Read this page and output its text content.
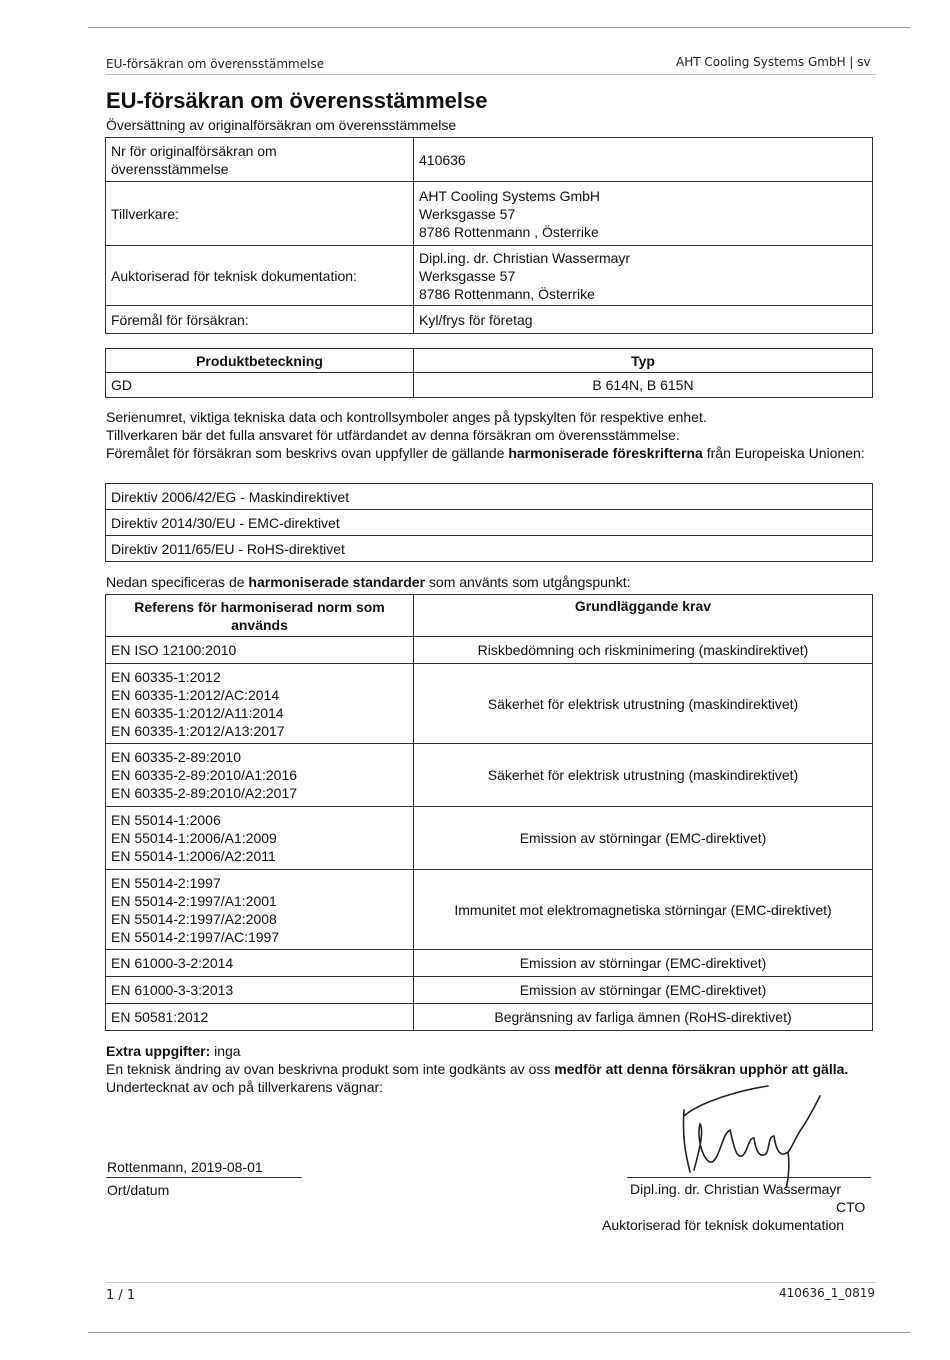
EU-försäkran om överensstämmelse	AHT Cooling Systems GmbH | sv
EU-försäkran om överensstämmelse
Översättning av originalförsäkran om överensstämmelse
Nr för originalförsäkran om
överensstämmelse	410636
Tillverkare:	AHT Cooling Systems GmbH
Werksgasse 57
8786 Rottenmann , Österrike
Auktoriserad för teknisk dokumentation:	Dipl.ing. dr. Christian Wassermayr
Werksgasse 57
8786 Rottenmann, Österrike
Föremål för försäkran:	Kyl/frys för företag
Produktbeteckning	Typ
GD	B 614N, B 615N
Serienumret, viktiga tekniska data och kontrollsymboler anges på typskylten för respektive enhet.
Tillverkaren bär det fulla ansvaret för utfärdandet av denna försäkran om överensstämmelse.
Föremålet för försäkran som beskrivs ovan uppfyller de gällande harmoniserade föreskrifterna från Europeiska Unionen:
Direktiv 2006/42/EG - Maskindirektivet
Direktiv 2014/30/EU - EMC-direktivet
Direktiv 2011/65/EU - RoHS-direktivet
Nedan specificeras de harmoniserade standarder som använts som utgångspunkt:
Referens för harmoniserad norm som
används	Grundläggande krav
EN ISO 12100:2010	Riskbedömning och riskminimering (maskindirektivet)
EN 60335-1:2012
EN 60335-1:2012/AC:2014
EN 60335-1:2012/A11:2014
EN 60335-1:2012/A13:2017	Säkerhet för elektrisk utrustning (maskindirektivet)
EN 60335-2-89:2010
EN 60335-2-89:2010/A1:2016
EN 60335-2-89:2010/A2:2017	Säkerhet för elektrisk utrustning (maskindirektivet)
EN 55014-1:2006
EN 55014-1:2006/A1:2009
EN 55014-1:2006/A2:2011	Emission av störningar (EMC-direktivet)
EN 55014-2:1997
EN 55014-2:1997/A1:2001
EN 55014-2:1997/A2:2008
EN 55014-2:1997/AC:1997	Immunitet mot elektromagnetiska störningar (EMC-direktivet)
EN 61000-3-2:2014	Emission av störningar (EMC-direktivet)
EN 61000-3-3:2013	Emission av störningar (EMC-direktivet)
EN 50581:2012	Begränsning av farliga ämnen (RoHS-direktivet)
Extra uppgifter: inga
En teknisk ändring av ovan beskrivna produkt som inte godkänts av oss medför att denna försäkran upphör att gälla.
Undertecknat av och på tillverkarens vägnar:
Rottenmann, 2019-08-01
Ort/datum	Dipl.ing. dr. Christian Wassermayr
CTO
Auktoriserad för teknisk dokumentation
1 / 1	410636_1_0819
